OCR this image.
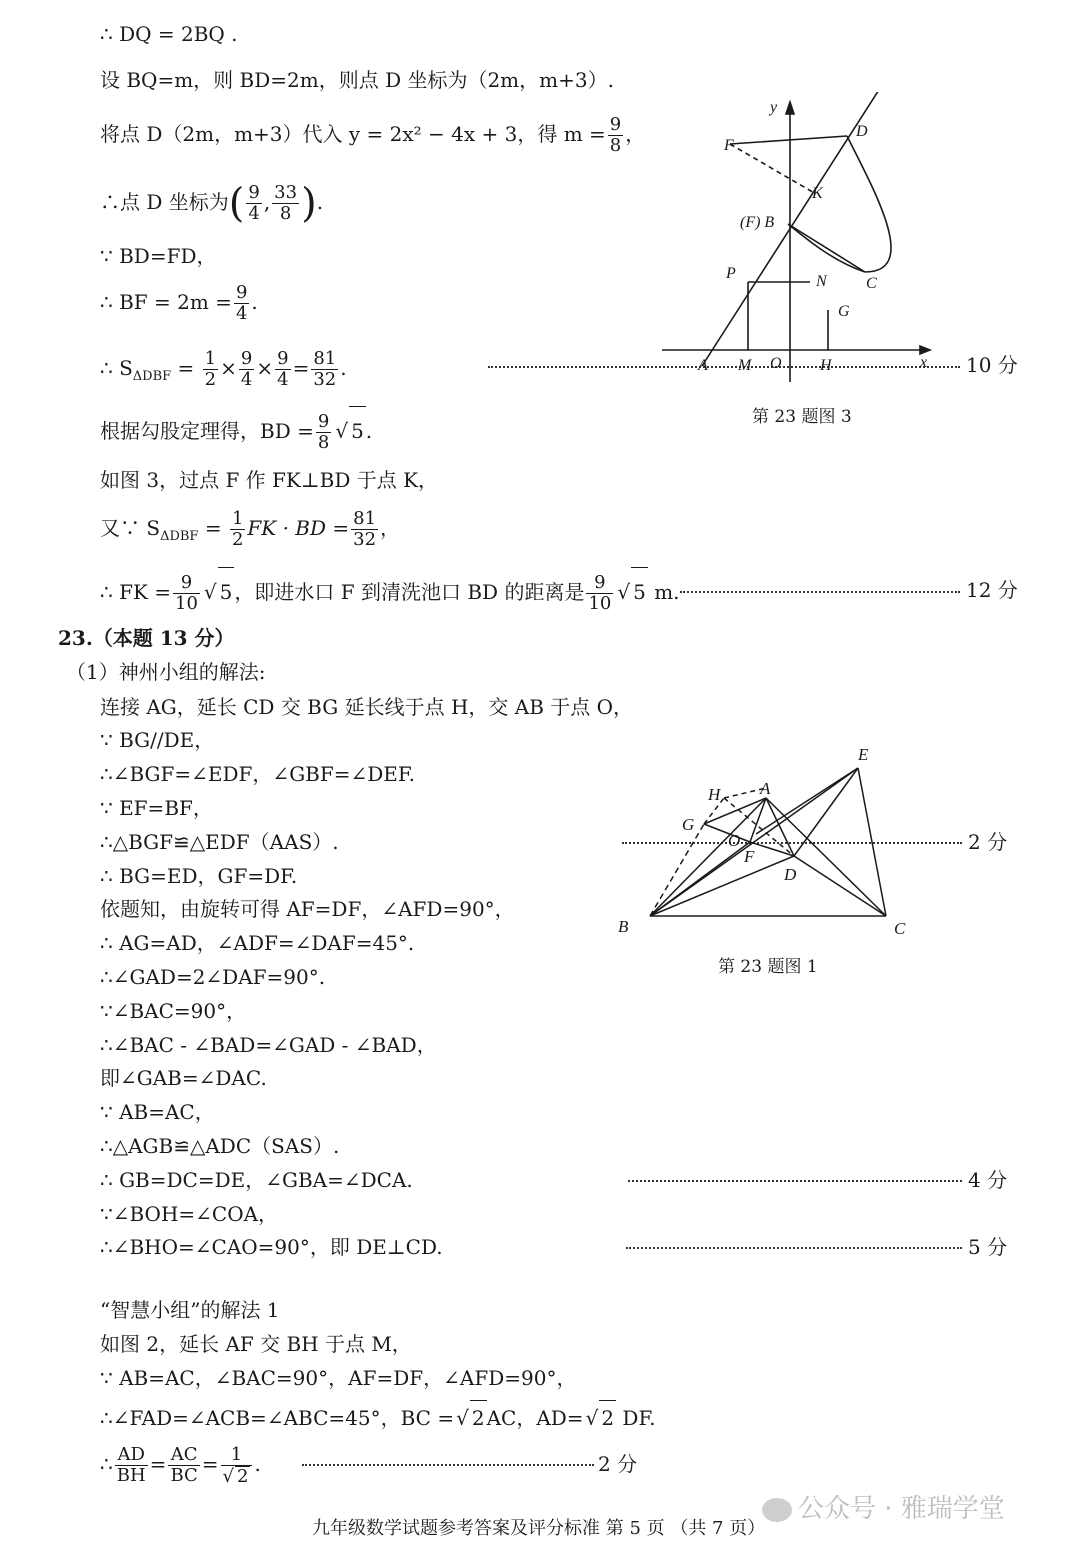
∴ DQ = 2BQ .
设 BQ=m，则 BD=2m，则点 D 坐标为（2m，m+3）.
将点 D（2m，m+3）代入 y = 2x² − 4x + 3，得 $m = \frac{9}{8}$ ，
∴点 D 坐标为( $\frac{9}{4}$ , $\frac{33}{8}$ ).
∵ BD=FD，
∴ BF = $2m = \frac{9}{4}$ .
∴ $S_{\Delta DBF} = \frac{1}{2} \times \frac{9}{4} \times \frac{9}{4} = \frac{81}{32}$ .	10 分
根据勾股定理得，BD = $\frac{9}{8}$ √ 5 .
如图 3，过点 F 作 FK⊥BD 于点 K，
又∵ $S_{\Delta DBF} = \frac{1}{2}$ FK · BD = $\frac{81}{32}$ ，
∴ FK = $\frac{9}{10}$ √ 5 ，即进水口 F 到清洗池口 BD 的距离是 $\frac{9}{10}$ √ 5 m.	12 分
y
x
D
F
K
(F) B
C
P	N
G
A M O H
第 23 题图 3
23.（本题 13 分）
（1）神州小组的解法:
连接 AG，延长 CD 交 BG 延长线于点 H，交 AB 于点 O，
∵ BG//DE，
∴∠BGF=∠EDF，∠GBF=∠DEF.
∵ EF=BF，
∴△BGF≌△EDF（AAS）.	2 分
∴ BG=ED，GF=DF.
依题知，由旋转可得 AF=DF，∠AFD=90°，
∴ AG=AD，∠ADF=∠DAF=45°.
∴∠GAD=2∠DAF=90°.
∵∠BAC=90°，
∴∠BAC - ∠BAD=∠GAD - ∠BAD，
即∠GAB=∠DAC.
∵ AB=AC，
∴△AGB≌△ADC（SAS）.
∴ GB=DC=DE，∠GBA=∠DCA.	4 分
∵∠BOH=∠COA，
∴∠BHO=∠CAO=90°，即 DE⊥CD.	5 分
E
H A
G
O
F
D
B	C
第 23 题图 1
“智慧小组”的解法 1
如图 2，延长 AF 交 BH 于点 M，
∵ AB=AC，∠BAC=90°，AF=DF，∠AFD=90°，
∴∠FAD=∠ACB=∠ABC=45°，BC = √ 2 AC，AD= √ 2 DF.
∴ $\frac{AD}{BH} = \frac{AC}{BC} = \frac{1}{√ 2}$ .	2 分
公众号 · 雅瑞学堂
九年级数学试题参考答案及评分标准 第 5 页 （共 7 页）
